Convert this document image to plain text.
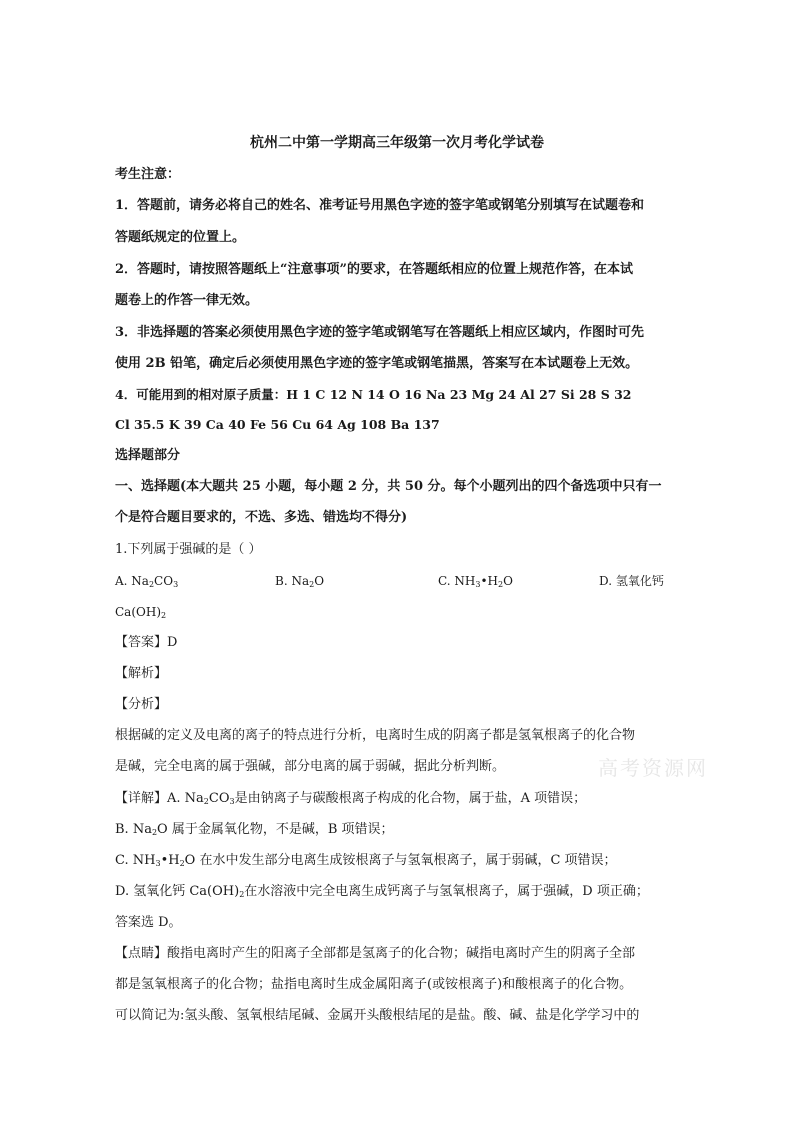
杭州二中第一学期高三年级第一次月考化学试卷
考生注意：
1．答题前，请务必将自己的姓名、准考证号用黑色字迹的签字笔或钢笔分别填写在试题卷和
答题纸规定的位置上。
2．答题时，请按照答题纸上“注意事项”的要求，在答题纸相应的位置上规范作答，在本试
题卷上的作答一律无效。
3．非选择题的答案必须使用黑色字迹的签字笔或钢笔写在答题纸上相应区域内，作图时可先
使用 2B 铅笔，确定后必须使用黑色字迹的签字笔或钢笔描黑，答案写在本试题卷上无效。
4．可能用到的相对原子质量：H 1 C 12 N 14 O 16 Na 23 Mg 24 Al 27 Si 28 S 32
Cl 35.5 K 39 Ca 40 Fe 56 Cu 64 Ag 108 Ba 137
选择题部分
一、选择题(本大题共 25 小题，每小题 2 分，共 50 分。每个小题列出的四个备选项中只有一
个是符合题目要求的，不选、多选、错选均不得分)
1.下列属于强碱的是（ ）
A. $Na_2CO_3$	B. $Na_2O$	C. $NH_3•H_2O$	D. 氢氧化钙
$Ca(OH)_2$
【答案】D
【解析】
【分析】
根据碱的定义及电离的离子的特点进行分析，电离时生成的阴离子都是氢氧根离子的化合物
是碱，完全电离的属于强碱，部分电离的属于弱碱，据此分析判断。
【详解】A. $Na_2CO_3$是由钠离子与碳酸根离子构成的化合物，属于盐，A 项错误；
B. $Na_2O$ 属于金属氧化物，不是碱，B 项错误；
C. $NH_3•H_2O$ 在水中发生部分电离生成铵根离子与氢氧根离子，属于弱碱，C 项错误；
D. 氢氧化钙 $Ca(OH)_2$在水溶液中完全电离生成钙离子与氢氧根离子，属于强碱，D 项正确；
答案选 D。
【点睛】酸指电离时产生的阳离子全部都是氢离子的化合物；碱指电离时产生的阴离子全部
都是氢氧根离子的化合物；盐指电离时生成金属阳离子(或铵根离子)和酸根离子的化合物。
可以简记为:氢头酸、氢氧根结尾碱、金属开头酸根结尾的是盐。酸、碱、盐是化学学习中的
高考资源网
